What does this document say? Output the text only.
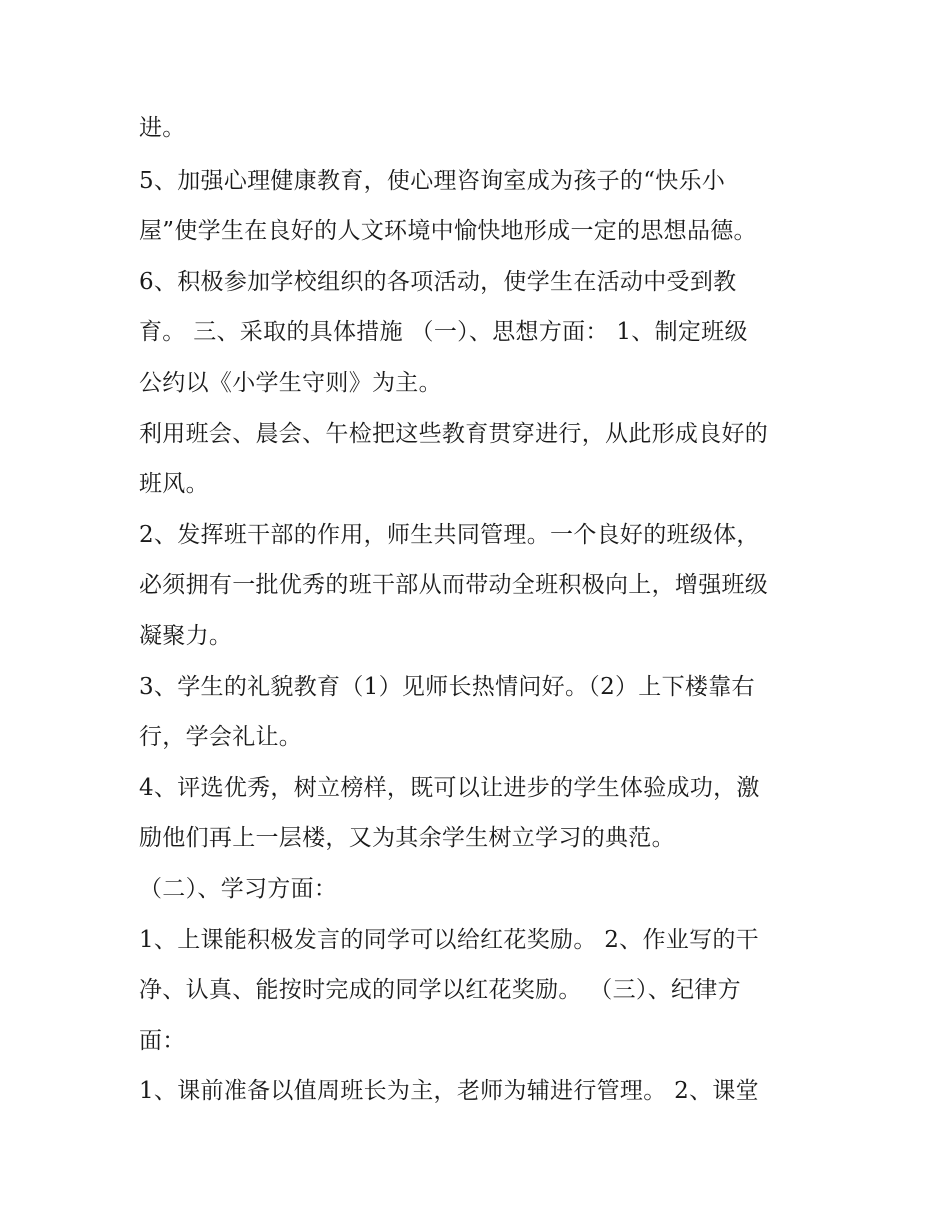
进。
5、加强心理健康教育，使心理咨询室成为孩子的“快乐小
屋”使学生在良好的人文环境中愉快地形成一定的思想品德。
6、积极参加学校组织的各项活动，使学生在活动中受到教
育。 三、采取的具体措施 （一）、思想方面： 1、制定班级
公约以《小学生守则》为主。
利用班会、晨会、午检把这些教育贯穿进行，从此形成良好的
班风。
2、发挥班干部的作用，师生共同管理。一个良好的班级体，
必须拥有一批优秀的班干部从而带动全班积极向上，增强班级
凝聚力。
3、学生的礼貌教育（1）见师长热情问好。（2）上下楼靠右
行，学会礼让。
4、评选优秀，树立榜样，既可以让进步的学生体验成功，激
励他们再上一层楼，又为其余学生树立学习的典范。
（二）、学习方面：
1、上课能积极发言的同学可以给红花奖励。 2、作业写的干
净、认真、能按时完成的同学以红花奖励。 （三）、纪律方
面：
1、课前准备以值周班长为主，老师为辅进行管理。 2、课堂
